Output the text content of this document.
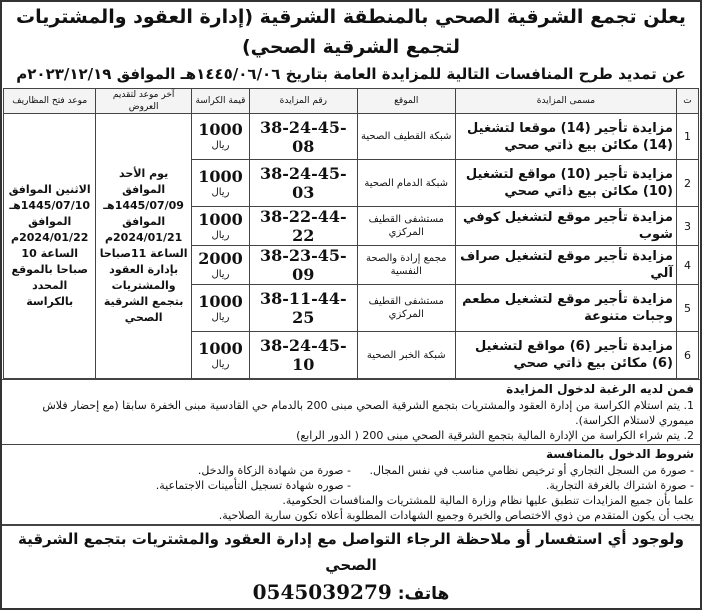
يعلن تجمع الشرقية الصحي بالمنطقة الشرقية (إدارة العقود والمشتريات لتجمع الشرقية الصحي)
عن تمديد طرح المنافسات التالية للمزايدة العامة بتاريخ ١٤٤٥/٠٦/٠٦هـ الموافق ٢٠٢٣/١٢/١٩م
ت	مسمى المزايدة	الموقع	رقم المزايدة	قيمة الكراسة	آخر موعد لتقديم العروض	موعد فتح المظاريف
1	مزايدة تأجير (14) موقعا لتشغيل (14) مكائن بيع ذاتي صحي	شبكة القطيف الصحية	38-24-45-08	1000
ريال	يوم الأحد الموافق 1445/07/09هـ الموافق 2024/01/21م الساعة 11صباحا بإدارة العقود والمشتريات بتجمع الشرقية الصحي	الاثنين الموافق 1445/07/10هـ الموافق 2024/01/22م الساعة 10 صباحا بالموقع المحدد بالكراسة
2	مزايدة تأجير (10) مواقع لتشغيل (10) مكائن بيع ذاتي صحي	شبكة الدمام الصحية	38-24-45-03	1000
ريال		
3	مزايدة تأجير موقع لتشغيل كوفي شوب	مستشفى القطيف المركزي	38-22-44-22	1000
ريال		
4	مزايدة تأجير موقع لتشغيل صراف آلي	مجمع إرادة والصحة النفسية	38-23-45-09	2000
ريال		
5	مزايدة تأجير موقع لتشغيل مطعم وجبات متنوعة	مستشفى القطيف المركزي	38-11-44-25	1000
ريال		
6	مزايدة تأجير (6) مواقع لتشغيل (6) مكائن بيع ذاتي صحي	شبكة الخبر الصحية	38-24-45-10	1000
ريال		
فمن لديه الرغبة لدخول المزايدة
1. يتم استلام الكراسة من إدارة العقود والمشتريات بتجمع الشرقية الصحي مبنى 200 بالدمام حي القادسية مبنى الخفرة سابقا (مع إحضار فلاش ميموري لاستلام الكراسة).
2. يتم شراء الكراسة من الإدارة المالية بتجمع الشرقية الصحي مبنى 200 ( الدور الرابع)
شروط الدخول بالمنافسة
- صورة من السجل التجاري أو ترخيص نظامي مناسب في نفس المجال.
- صورة من شهادة الزكاة والدخل.
- صورة اشتراك بالغرفة التجارية.
- صوره شهادة تسجيل التأمينات الاجتماعية.
علما بأن جميع المزايدات تنطبق عليها نظام وزارة المالية للمشتريات والمنافسات الحكومية.
يجب أن يكون المتقدم من ذوي الاختصاص والخبرة وجميع الشهادات المطلوبة أعلاه تكون سارية الصلاحية.
ولوجود أي استفسار أو ملاحظة الرجاء التواصل مع إدارة العقود والمشتريات بتجمع الشرقية الصحي
هاتف: 0545039279
